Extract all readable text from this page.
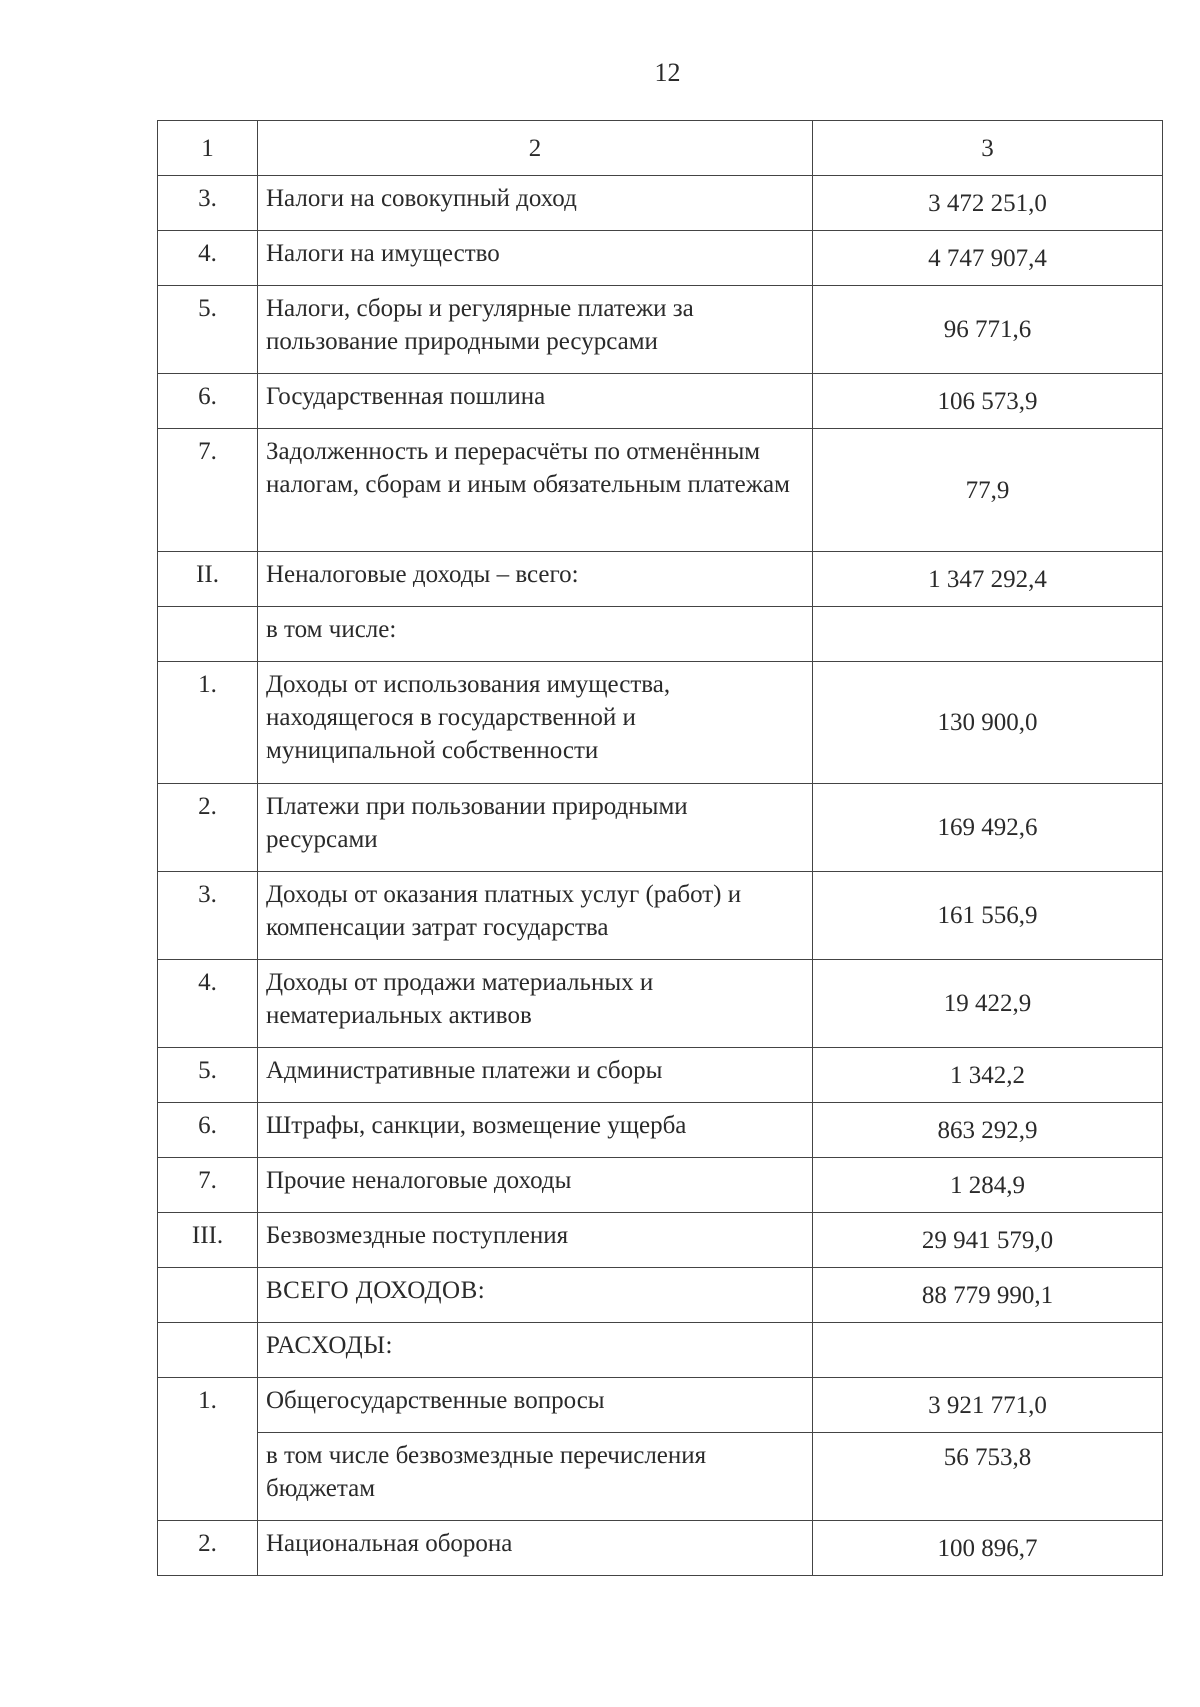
12
1	2	3
3.	Налоги на совокупный доход	3 472 251,0
4.	Налоги на имущество	4 747 907,4
5.	Налоги, сборы и регулярные платежи за пользование природными ресурсами	96 771,6
6.	Государственная пошлина	106 573,9
7.	Задолженность и перерасчёты по отменённым налогам, сборам и иным обязательным платежам	77,9
II.	Неналоговые доходы – всего:	1 347 292,4
	в том числе:	
1.	Доходы от использования имущества, находящегося в государственной и муниципальной собственности	130 900,0
2.	Платежи при пользовании природными ресурсами	169 492,6
3.	Доходы от оказания платных услуг (работ) и компенсации затрат государства	161 556,9
4.	Доходы от продажи материальных и нематериальных активов	19 422,9
5.	Административные платежи и сборы	1 342,2
6.	Штрафы, санкции, возмещение ущерба	863 292,9
7.	Прочие неналоговые доходы	1 284,9
III.	Безвозмездные поступления	29 941 579,0
	ВСЕГО ДОХОДОВ:	88 779 990,1
	РАСХОДЫ:	
1.	Общегосударственные вопросы	3 921 771,0
	в том числе безвозмездные перечисления бюджетам	56 753,8
2.	Национальная оборона	100 896,7
